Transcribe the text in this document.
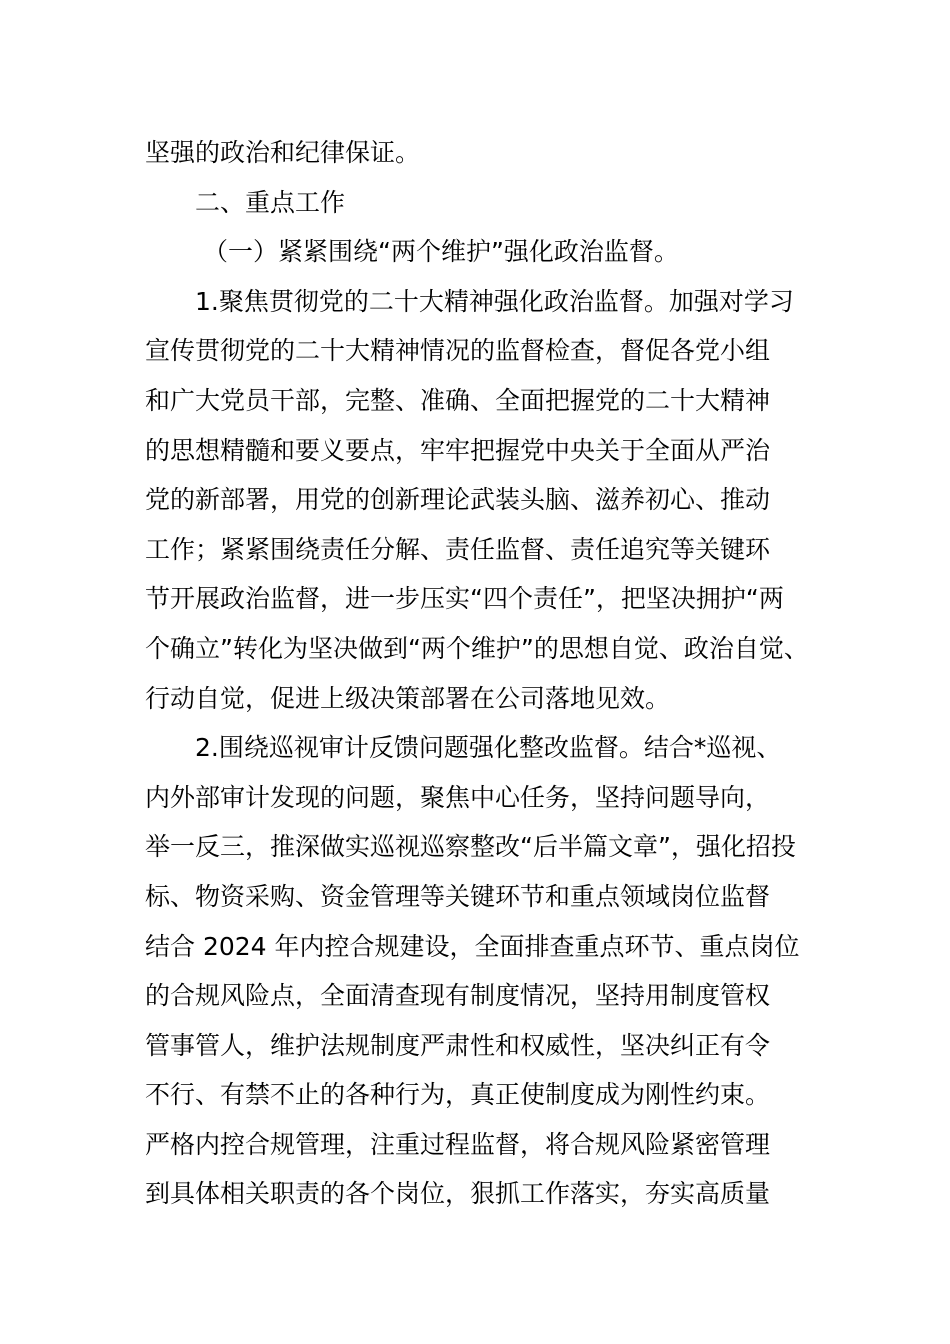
坚强的政治和纪律保证。
二、重点工作
（一）紧紧围绕“两个维护”强化政治监督。
1.聚焦贯彻党的二十大精神强化政治监督。加强对学习
宣传贯彻党的二十大精神情况的监督检查，督促各党小组
和广大党员干部，完整、准确、全面把握党的二十大精神
的思想精髓和要义要点，牢牢把握党中央关于全面从严治
党的新部署，用党的创新理论武装头脑、滋养初心、推动
工作；紧紧围绕责任分解、责任监督、责任追究等关键环
节开展政治监督，进一步压实“四个责任”，把坚决拥护“两
个确立”转化为坚决做到“两个维护”的思想自觉、政治自觉、
行动自觉，促进上级决策部署在公司落地见效。
2.围绕巡视审计反馈问题强化整改监督。结合*巡视、
内外部审计发现的问题，聚焦中心任务，坚持问题导向，
举一反三，推深做实巡视巡察整改“后半篇文章”，强化招投
标、物资采购、资金管理等关键环节和重点领域岗位监督
结合 2024 年内控合规建设，全面排查重点环节、重点岗位
的合规风险点，全面清查现有制度情况，坚持用制度管权
管事管人，维护法规制度严肃性和权威性，坚决纠正有令
不行、有禁不止的各种行为，真正使制度成为刚性约束。
严格内控合规管理，注重过程监督，将合规风险紧密管理
到具体相关职责的各个岗位，狠抓工作落实，夯实高质量
